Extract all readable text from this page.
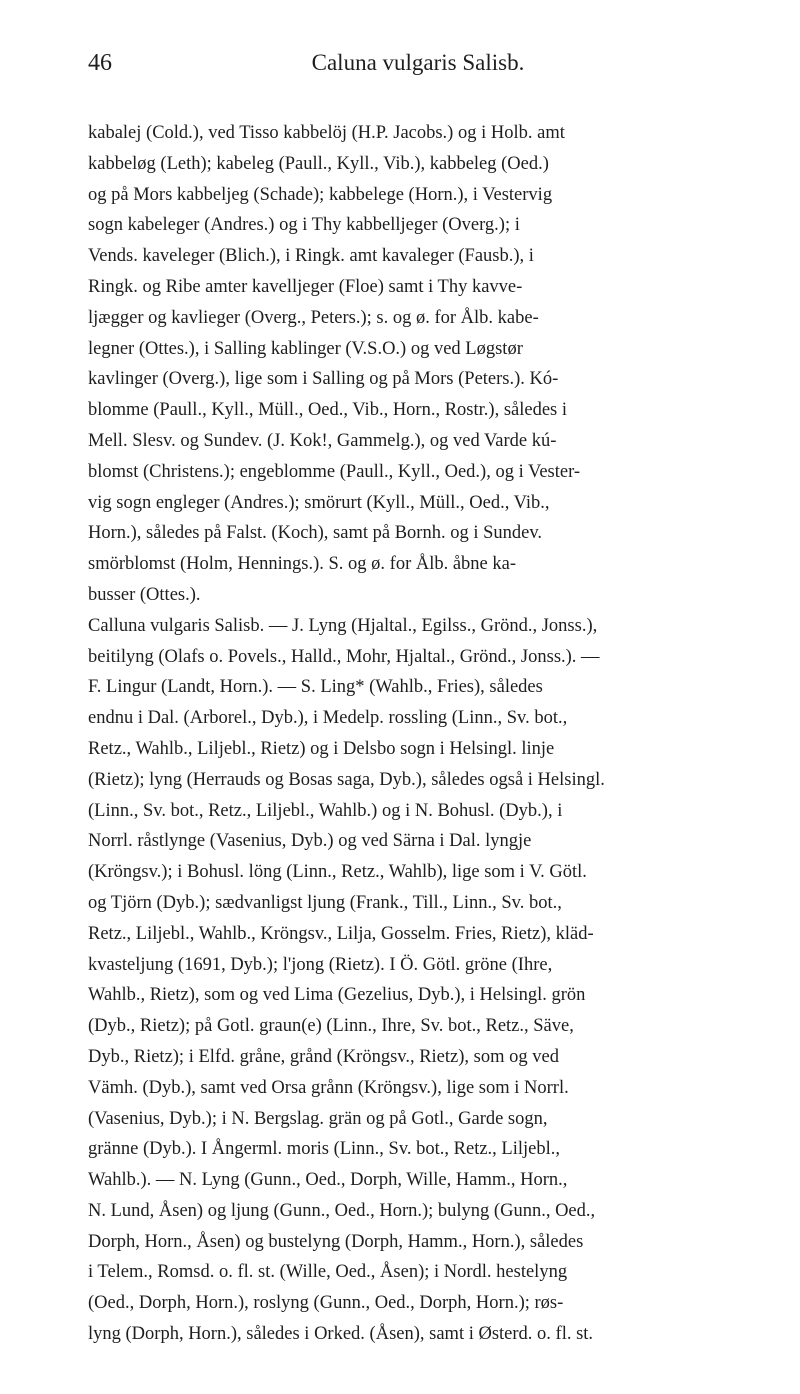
46	Caluna vulgaris Salisb.
kabalej (Cold.), ved Tisso kabbelöj (H.P. Jacobs.) og i Holb. amt
kabbeløg (Leth); kabeleg (Paull., Kyll., Vib.), kabbeleg (Oed.)
og på Mors kabbeljeg (Schade); kabbelege (Horn.), i Vestervig
sogn kabeleger (Andres.) og i Thy kabbelljeger (Overg.); i
Vends. kaveleger (Blich.), i Ringk. amt kavaleger (Fausb.), i
Ringk. og Ribe amter kavelljeger (Floe) samt i Thy kavve-
ljægger og kavlieger (Overg., Peters.); s. og ø. for Ålb. kabe-
legner (Ottes.), i Salling kablinger (V.S.O.) og ved Løgstør
kavlinger (Overg.), lige som i Salling og på Mors (Peters.). Kó-
blomme (Paull., Kyll., Müll., Oed., Vib., Horn., Rostr.), således i
Mell. Slesv. og Sundev. (J. Kok!, Gammelg.), og ved Varde kú-
blomst (Christens.); engeblomme (Paull., Kyll., Oed.), og i Vester-
vig sogn engleger (Andres.); smörurt (Kyll., Müll., Oed., Vib.,
Horn.), således på Falst. (Koch), samt på Bornh. og i Sundev.
smörblomst (Holm, Hennings.). S. og ø. for Ålb. åbne ka-
busser (Ottes.).
Calluna vulgaris Salisb. — J. Lyng (Hjaltal., Egilss., Grönd., Jonss.),
beitilyng (Olafs o. Povels., Halld., Mohr, Hjaltal., Grönd., Jonss.). —
F. Lingur (Landt, Horn.). — S. Ling* (Wahlb., Fries), således
endnu i Dal. (Arborel., Dyb.), i Medelp. rossling (Linn., Sv. bot.,
Retz., Wahlb., Liljebl., Rietz) og i Delsbo sogn i Helsingl. linje
(Rietz); lyng (Herrauds og Bosas saga, Dyb.), således også i Helsingl.
(Linn., Sv. bot., Retz., Liljebl., Wahlb.) og i N. Bohusl. (Dyb.), i
Norrl. råstlynge (Vasenius, Dyb.) og ved Särna i Dal. lyngje
(Kröngsv.); i Bohusl. löng (Linn., Retz., Wahlb), lige som i V. Götl.
og Tjörn (Dyb.); sædvanligst ljung (Frank., Till., Linn., Sv. bot.,
Retz., Liljebl., Wahlb., Kröngsv., Lilja, Gosselm. Fries, Rietz), kläd-
kvasteljung (1691, Dyb.); l'jong (Rietz). I Ö. Götl. gröne (Ihre,
Wahlb., Rietz), som og ved Lima (Gezelius, Dyb.), i Helsingl. grön
(Dyb., Rietz); på Gotl. graun(e) (Linn., Ihre, Sv. bot., Retz., Säve,
Dyb., Rietz); i Elfd. gråne, grånd (Kröngsv., Rietz), som og ved
Vämh. (Dyb.), samt ved Orsa grånn (Kröngsv.), lige som i Norrl.
(Vasenius, Dyb.); i N. Bergslag. grän og på Gotl., Garde sogn,
gränne (Dyb.). I Ångerml. moris (Linn., Sv. bot., Retz., Liljebl.,
Wahlb.). — N. Lyng (Gunn., Oed., Dorph, Wille, Hamm., Horn.,
N. Lund, Åsen) og ljung (Gunn., Oed., Horn.); bulyng (Gunn., Oed.,
Dorph, Horn., Åsen) og bustelyng (Dorph, Hamm., Horn.), således
i Telem., Romsd. o. fl. st. (Wille, Oed., Åsen); i Nordl. hestelyng
(Oed., Dorph, Horn.), roslyng (Gunn., Oed., Dorph, Horn.); røs-
lyng (Dorph, Horn.), således i Orked. (Åsen), samt i Østerd. o. fl. st.
